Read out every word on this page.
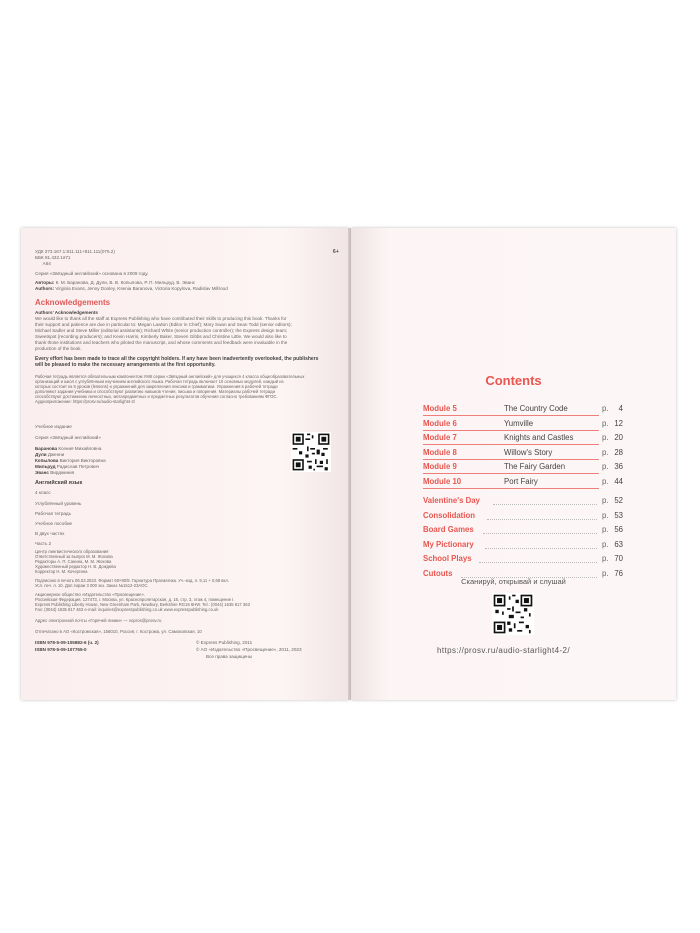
УДК 373.167.1:811.111+811.111(075.2)
ББК 81.432.1я71
А64
6+
Серия «Звёздный английский» основана в 2009 году.
Авторы: К. М. Баранова, Д. Дули, В. В. Копылова, Р. П. Мильруд, В. Эванс
Authors: Virginia Evans, Jenny Dooley, Ksenia Baranova, Victoria Kopylova, Radislav Millrood
Acknowledgements
Authors' Acknowledgements
We would like to thank all the staff at Express Publishing who have contributed their skills to producing this book. Thanks for
their support and patience are due in particular to: Megan Lawton (Editor in Chief); Mary Swan and Sean Todd (senior editors);
Michael Sadler and Steve Miller (editorial assistants); Richard White (senior production controller); the Express design team;
Sweetspot (recording producers); and Kevin Harris, Kimberly Baker, Steven Gibbs and Christine Little. We would also like to
thank those institutions and teachers who piloted the manuscript, and whose comments and feedback were invaluable in the
production of the book.
Every effort has been made to trace all the copyright holders. If any have been inadvertently overlooked, the publishers will be pleased to make the necessary arrangements at the first opportunity.
Рабочая тетрадь является обязательным компонентом УМК серии «Звёздный английский» для учащихся 4 класса общеобразовательных
организаций и школ с углублённым изучением английского языка. Рабочая тетрадь включает 10 основных модулей, каждый из
которых состоит из 5 уроков (lessons) и упражнений для закрепления лексики и грамматики. Упражнения в рабочей тетради
дополняют задания учебника и способствуют развитию навыков чтения, письма и говорения. Материалы рабочей тетради
способствуют достижению личностных, метапредметных и предметных результатов обучения согласно требованиям ФГОС.
Аудиоприложение: https://prosv.ru/audio-starlight4-2/
Учебное издание
Серия «Звёздный английский»
Баранова Ксения Михайловна
Дули Дженни
Копылова Виктория Викторовна
Мильруд Радислав Петрович
Эванс Вирджиния
Английский язык
4 класс
Углублённый уровень
Рабочая тетрадь
Учебное пособие
В двух частях
Часть 2
Центр лингвистического образования
Ответственный за выпуск М. М. Жохова
Редакторы А. П. Санина, М. М. Жохова
Художественный редактор Н. В. Дождева
Корректор Н. М. Кочергина
Подписано в печать 06.03.2023. Формат 60×90/8. Гарнитура Прагматика. Уч.-изд. л. 9,11 + 0,68 вкл.
Усл. печ. л. 10. Доп.тираж 3 000 экз. Заказ №1512-23АОС.
Акционерное общество «Издательство «Просвещение».
Российская Федерация, 127473, г. Москва, ул. Краснопролетарская, д. 16, стр. 3, этаж 4, помещение I.
Express Publishing Liberty House, New Greenham Park, Newbury, Berkshire RG19 6HW. Tel.: (0044) 1635 817 363
Fax: (0044) 1635 817 463 e-mail: inquiries@expresspublishing.co.uk www.expresspublishing.co.uk
Адрес электронной почты «Горячей линии» — vopros@prosv.ru
Отпечатано в АО «Костромская», 156010, Россия, г. Кострома, ул. Самоковская, 10
ISBN 978-5-09-105882-6 (ч. 2)
ISBN 978-5-09-107765-0
© Express Publishing, 2011
© АО «Издательство «Просвещение», 2011, 2023
Все права защищены
Contents
Module 5	The Country Code	p. 4
Module 6	Yumville	p. 12
Module 7	Knights and Castles	p. 20
Module 8	Willow's Story	p. 28
Module 9	The Fairy Garden	p. 36
Module 10	Port Fairy	p. 44
Valentine's Day	p. 52
Consolidation	p. 53
Board Games	p. 56
My Pictionary	p. 63
School Plays	p. 70
Cutouts	p. 76
Сканируй, открывай и слушай
https://prosv.ru/audio-starlight4-2/
